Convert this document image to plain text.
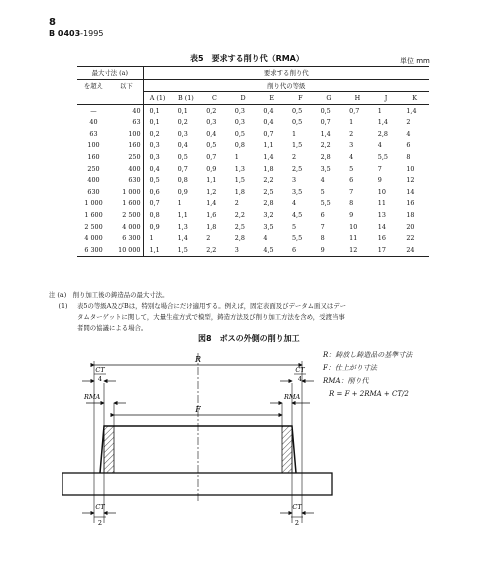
8
B 0403-1995
表5　要求する削り代（RMA）	単位 mm
最大寸法 (a)		要求する削り代									
を超え	以下	削り代の等級									
		A (1)	B (1)	C	D	E	F	G	H	J	K
—	40	0,1	0,1	0,2	0,3	0,4	0,5	0,5	0,7	1	1,4
40	63	0,1	0,2	0,3	0,3	0,4	0,5	0,7	1	1,4	2
63	100	0,2	0,3	0,4	0,5	0,7	1	1,4	2	2,8	4
100	160	0,3	0,4	0,5	0,8	1,1	1,5	2,2	3	4	6
160	250	0,3	0,5	0,7	1	1,4	2	2,8	4	5,5	8
250	400	0,4	0,7	0,9	1,3	1,8	2,5	3,5	5	7	10
400	630	0,5	0,8	1,1	1,5	2,2	3	4	6	9	12
630	1 000	0,6	0,9	1,2	1,8	2,5	3,5	5	7	10	14
1 000	1 600	0,7	1	1,4	2	2,8	4	5,5	8	11	16
1 600	2 500	0,8	1,1	1,6	2,2	3,2	4,5	6	9	13	18
2 500	4 000	0,9	1,3	1,8	2,5	3,5	5	7	10	14	20
4 000	6 300	1	1,4	2	2,8	4	5,5	8	11	16	22
6 300	10 000	1,1	1,5	2,2	3	4,5	6	9	12	17	24
注 (a)　 削り加工後の鋳造品の最大寸法。
(1) 表5の等級A及びBは，特別な場合にだけ適用する。例えば，固定表面及びデータム面又はデー
タムターゲットに関して，大量生産方式で模型，鋳造方法及び削り加工方法を含め，受渡当事
者間の協議による場合。
図8　ボスの外側の削り加工
R：鋳放し鋳造品の基準寸法
F：仕上がり寸法
RMA：削り代
R = F + 2RMA + CT/2
R
CT
4
CT
4
RMA	RMA
F
CT
2
CT
2
